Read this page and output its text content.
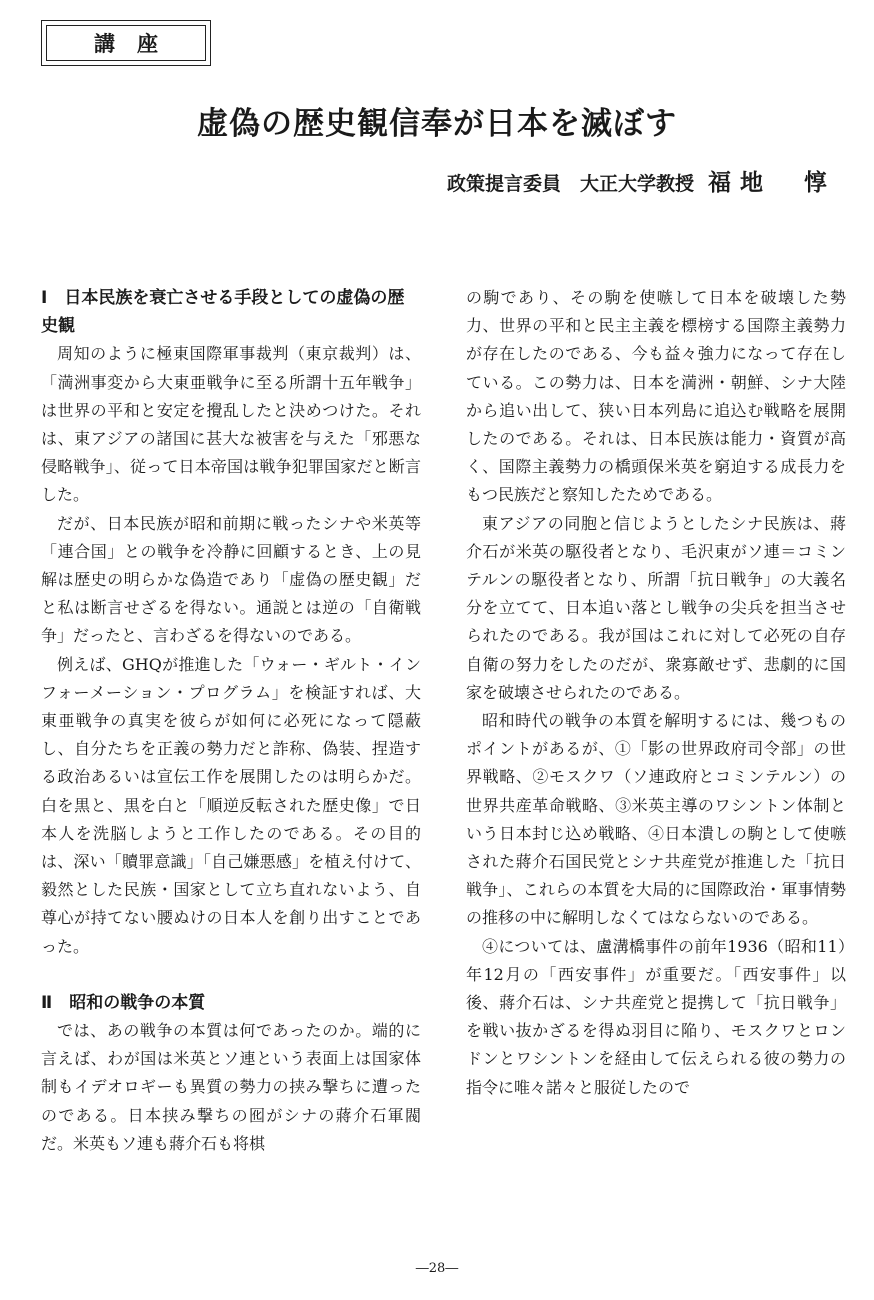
講座
虚偽の歴史観信奉が日本を滅ぼす
政策提言委員　大正大学教授 福地　惇
Ⅰ　日本民族を衰亡させる手段としての虚偽の歴史観

周知のように極東国際軍事裁判（東京裁判）は、「満洲事変から大東亜戦争に至る所謂十五年戦争」は世界の平和と安定を攪乱したと決めつけた。それは、東アジアの諸国に甚大な被害を与えた「邪悪な侵略戦争」、従って日本帝国は戦争犯罪国家だと断言した。

だが、日本民族が昭和前期に戦ったシナや米英等「連合国」との戦争を冷静に回顧するとき、上の見解は歴史の明らかな偽造であり「虚偽の歴史観」だと私は断言せざるを得ない。通説とは逆の「自衛戦争」だったと、言わざるを得ないのである。

例えば、GHQが推進した「ウォー・ギルト・インフォーメーション・プログラム」を検証すれば、大東亜戦争の真実を彼らが如何に必死になって隠蔽し、自分たちを正義の勢力だと詐称、偽装、捏造する政治あるいは宣伝工作を展開したのは明らかだ。白を黒と、黒を白と「順逆反転された歴史像」で日本人を洗脳しようと工作したのである。その目的は、深い「贖罪意識」「自己嫌悪感」を植え付けて、毅然とした民族・国家として立ち直れないよう、自尊心が持てない腰ぬけの日本人を創り出すことであった。

Ⅱ　昭和の戦争の本質

では、あの戦争の本質は何であったのか。端的に言えば、わが国は米英とソ連という表面上は国家体制もイデオロギーも異質の勢力の挟み撃ちに遭ったのである。日本挟み撃ちの囮がシナの蔣介石軍閥だ。米英もソ連も蔣介石も将棋

の駒であり、その駒を使嗾して日本を破壊した勢力、世界の平和と民主主義を標榜する国際主義勢力が存在したのである、今も益々強力になって存在している。この勢力は、日本を満洲・朝鮮、シナ大陸から追い出して、狭い日本列島に追込む戦略を展開したのである。それは、日本民族は能力・資質が高く、国際主義勢力の橋頭保米英を窮迫する成長力をもつ民族だと察知したためである。

東アジアの同胞と信じようとしたシナ民族は、蔣介石が米英の駆役者となり、毛沢東がソ連＝コミンテルンの駆役者となり、所謂「抗日戦争」の大義名分を立てて、日本追い落とし戦争の尖兵を担当させられたのである。我が国はこれに対して必死の自存自衛の努力をしたのだが、衆寡敵せず、悲劇的に国家を破壊させられたのである。

昭和時代の戦争の本質を解明するには、幾つものポイントがあるが、①「影の世界政府司令部」の世界戦略、②モスクワ（ソ連政府とコミンテルン）の世界共産革命戦略、③米英主導のワシントン体制という日本封じ込め戦略、④日本潰しの駒として使嗾された蔣介石国民党とシナ共産党が推進した「抗日戦争」、これらの本質を大局的に国際政治・軍事情勢の推移の中に解明しなくてはならないのである。

④については、盧溝橋事件の前年1936（昭和11）年12月の「西安事件」が重要だ。「西安事件」以後、蔣介石は、シナ共産党と提携して「抗日戦争」を戦い抜かざるを得ぬ羽目に陥り、モスクワとロンドンとワシントンを経由して伝えられる彼の勢力の指令に唯々諾々と服従したので

―28―
